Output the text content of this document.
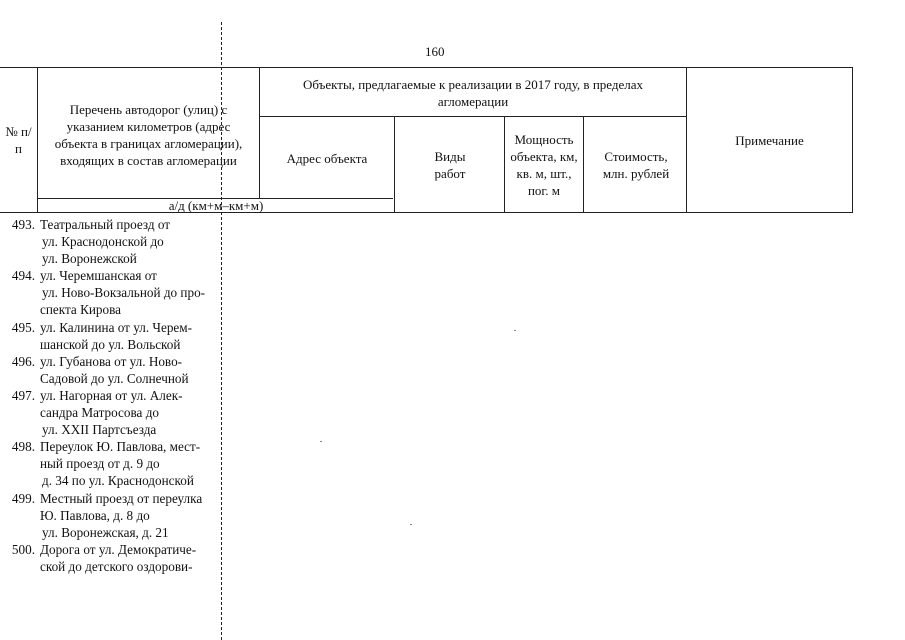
160
№ п/п
Перечень автодорог (улиц) с указанием километров (адрес объекта в границах агломерации), входящих в состав агломерации
Объекты, предлагаемые к реализации в 2017 году, в пределах агломерации
Адрес объекта	Виды работ
Мощность объекта, км, кв. м, шт., пог. м
Стоимость, млн. рублей
Примечание
а/д (км+м–км+м)
493. Театральный проезд от
ул. Краснодонской до
ул. Воронежской
494. ул. Черемшанская от
ул. Ново-Вокзальной до про-
спекта Кирова
495. ул. Калинина от ул. Черем-
шанской до ул. Вольской
496. ул. Губанова от ул. Ново-
Садовой до ул. Солнечной
497. ул. Нагорная от ул. Алек-
сандра Матросова до
ул. XXII Партсъезда
498. Переулок Ю. Павлова, мест-
ный проезд от д. 9 до
д. 34 по ул. Краснодонской
499. Местный проезд от переулка
Ю. Павлова, д. 8 до
ул. Воронежская, д. 21
500. Дорога от ул. Демократиче-
ской до детского оздорови-
